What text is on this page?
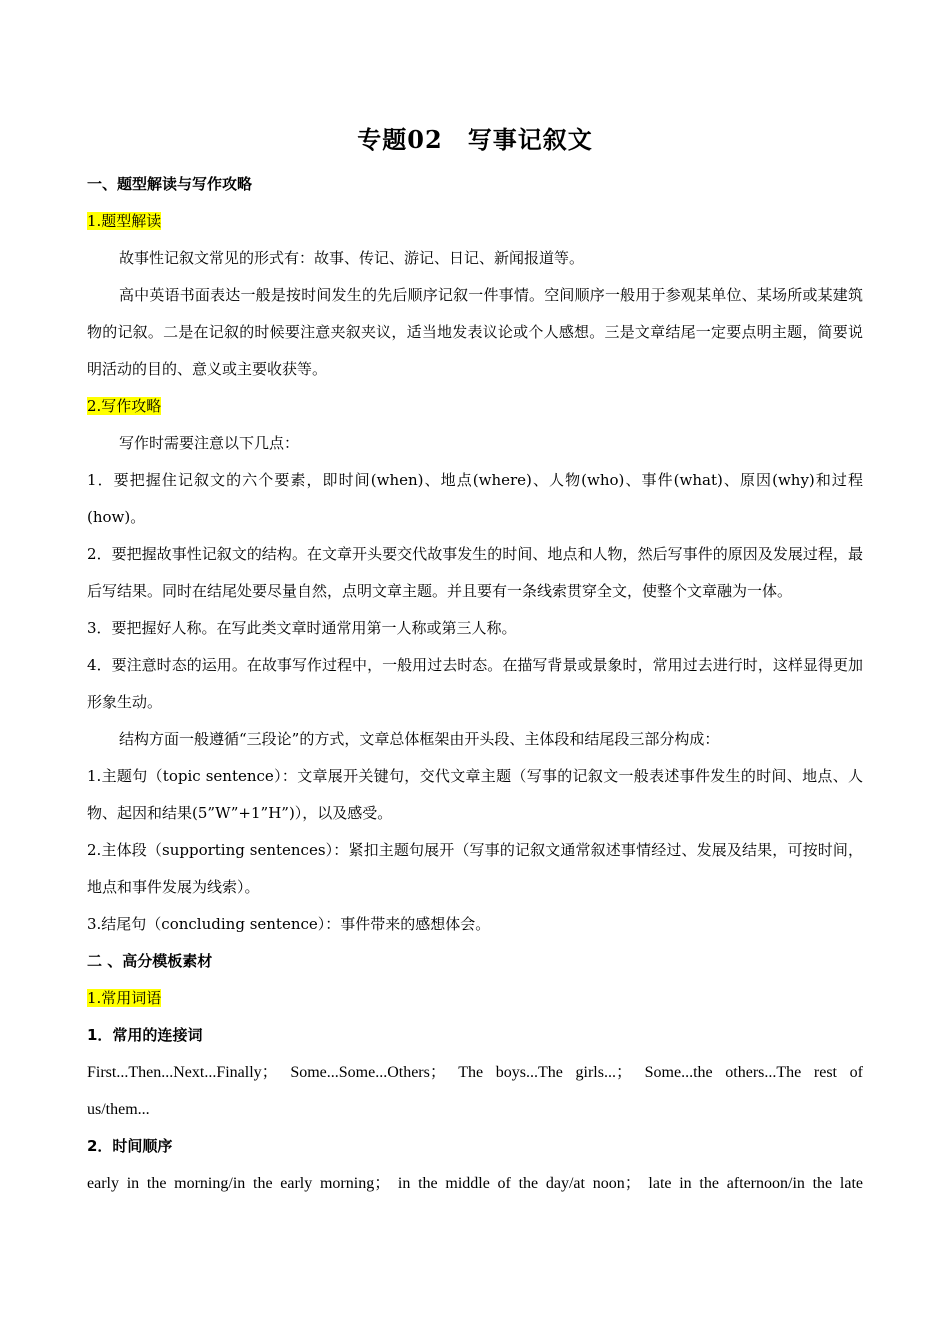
专题02　写事记叙文

一、题型解读与写作攻略

1.题型解读

故事性记叙文常见的形式有：故事、传记、游记、日记、新闻报道等。

高中英语书面表达一般是按时间发生的先后顺序记叙一件事情。空间顺序一般用于参观某单位、某场所或某建筑物的记叙。二是在记叙的时候要注意夹叙夹议，适当地发表议论或个人感想。三是文章结尾一定要点明主题，简要说明活动的目的、意义或主要收获等。

2.写作攻略

写作时需要注意以下几点：

1．要把握住记叙文的六个要素，即时间(when)、地点(where)、人物(who)、事件(what)、原因(why)和过程(how)。

2．要把握故事性记叙文的结构。在文章开头要交代故事发生的时间、地点和人物，然后写事件的原因及发展过程，最后写结果。同时在结尾处要尽量自然，点明文章主题。并且要有一条线索贯穿全文，使整个文章融为一体。

3．要把握好人称。在写此类文章时通常用第一人称或第三人称。

4．要注意时态的运用。在故事写作过程中，一般用过去时态。在描写背景或景象时，常用过去进行时，这样显得更加形象生动。

结构方面一般遵循“三段论”的方式，文章总体框架由开头段、主体段和结尾段三部分构成：

1.主题句（topic sentence）：文章展开关键句，交代文章主题（写事的记叙文一般表述事件发生的时间、地点、人物、起因和结果(5”W”+1”H”)），以及感受。

2.主体段（supporting sentences）：紧扣主题句展开（写事的记叙文通常叙述事情经过、发展及结果，可按时间，地点和事件发展为线索）。

3.结尾句（concluding sentence）：事件带来的感想体会。

二 、高分模板素材

1.常用词语

1．常用的连接词

First...Then...Next...Finally； Some...Some...Others； The boys...The girls...； Some...the others...The rest of

us/them...

2．时间顺序

early in the morning/in the early morning； in the middle of the day/at noon； late in the afternoon/in the late
